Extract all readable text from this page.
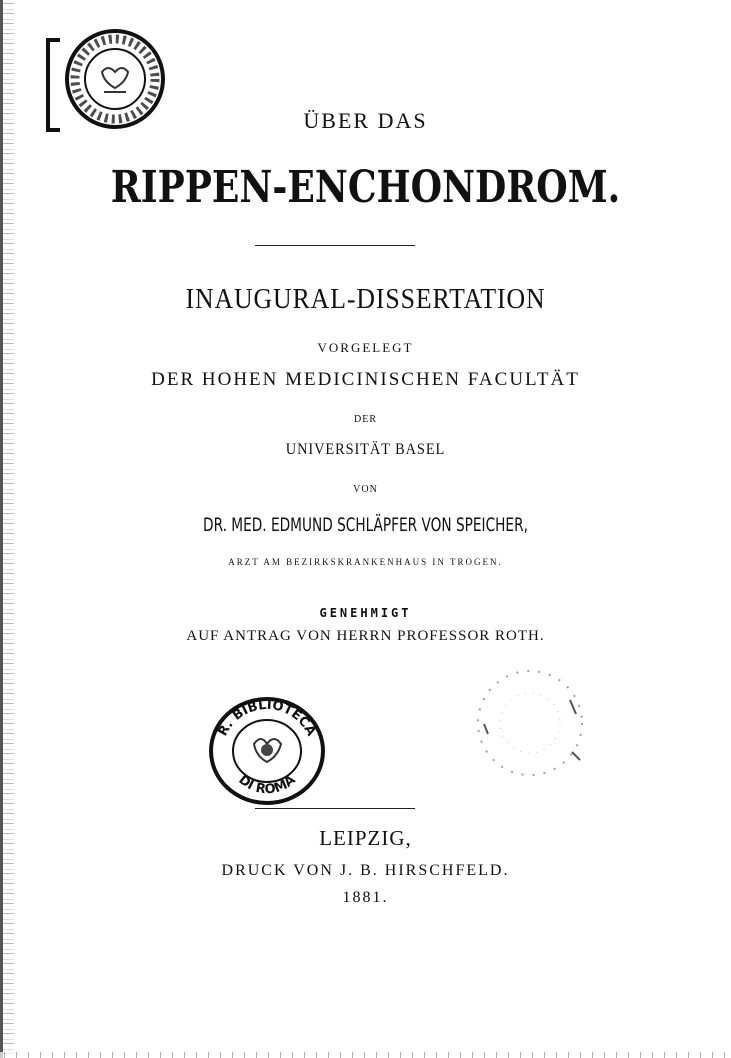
ÜBER DAS
RIPPEN-ENCHONDROM.
INAUGURAL-DISSERTATION
VORGELEGT
DER HOHEN MEDICINISCHEN FACULTÄT
DER
UNIVERSITÄT BASEL
VON
DR. MED. EDMUND SCHLÄPFER VON SPEICHER,
ARZT AM BEZIRKSKRANKENHAUS IN TROGEN.
GENEHMIGT
AUF ANTRAG VON HERRN PROFESSOR ROTH.
R. BIBLIOTECA
DI ROMA
LEIPZIG,
DRUCK VON J. B. HIRSCHFELD.
1881.
